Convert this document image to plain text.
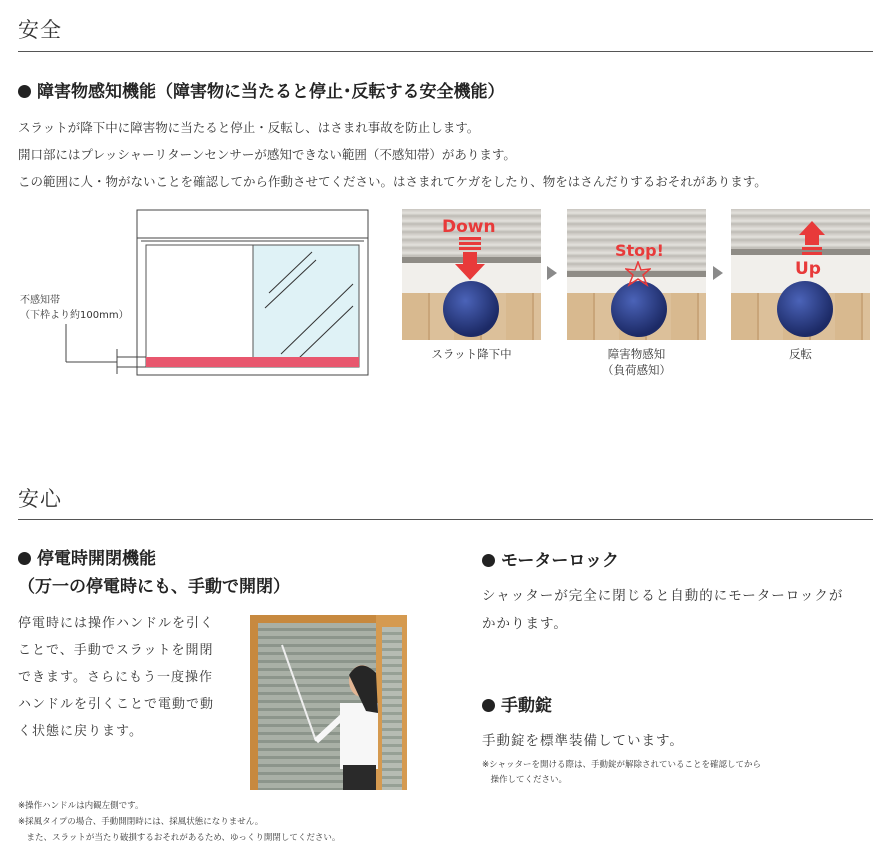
安全
障害物感知機能（障害物に当たると停止･反転する安全機能）
スラットが降下中に障害物に当たると停止・反転し、はさまれ事故を防止します。
開口部にはプレッシャーリターンセンサーが感知できない範囲（不感知帯）があります。
この範囲に人・物がないことを確認してから作動させてください。はさまれてケガをしたり、物をはさんだりするおそれがあります。
不感知帯
（下枠より約100mm）
Down
Stop!
Up
スラット降下中	障害物感知
（負荷感知）
反転
安心
停電時開閉機能
（万一の停電時にも、手動で開閉）
停電時には操作ハンドルを引く
ことで、手動でスラットを開閉
できます。さらにもう一度操作
ハンドルを引くことで電動で動
く状態に戻ります。
※操作ハンドルは内観左側です。
※採風タイプの場合、手動開閉時には、採風状態になりません。
　また、スラットが当たり破損するおそれがあるため、ゆっくり開閉してください。
モーターロック
シャッターが完全に閉じると自動的にモーターロックが
かかります。
手動錠
手動錠を標準装備しています。
※シャッターを開ける際は、手動錠が解除されていることを確認してから
　操作してください。
